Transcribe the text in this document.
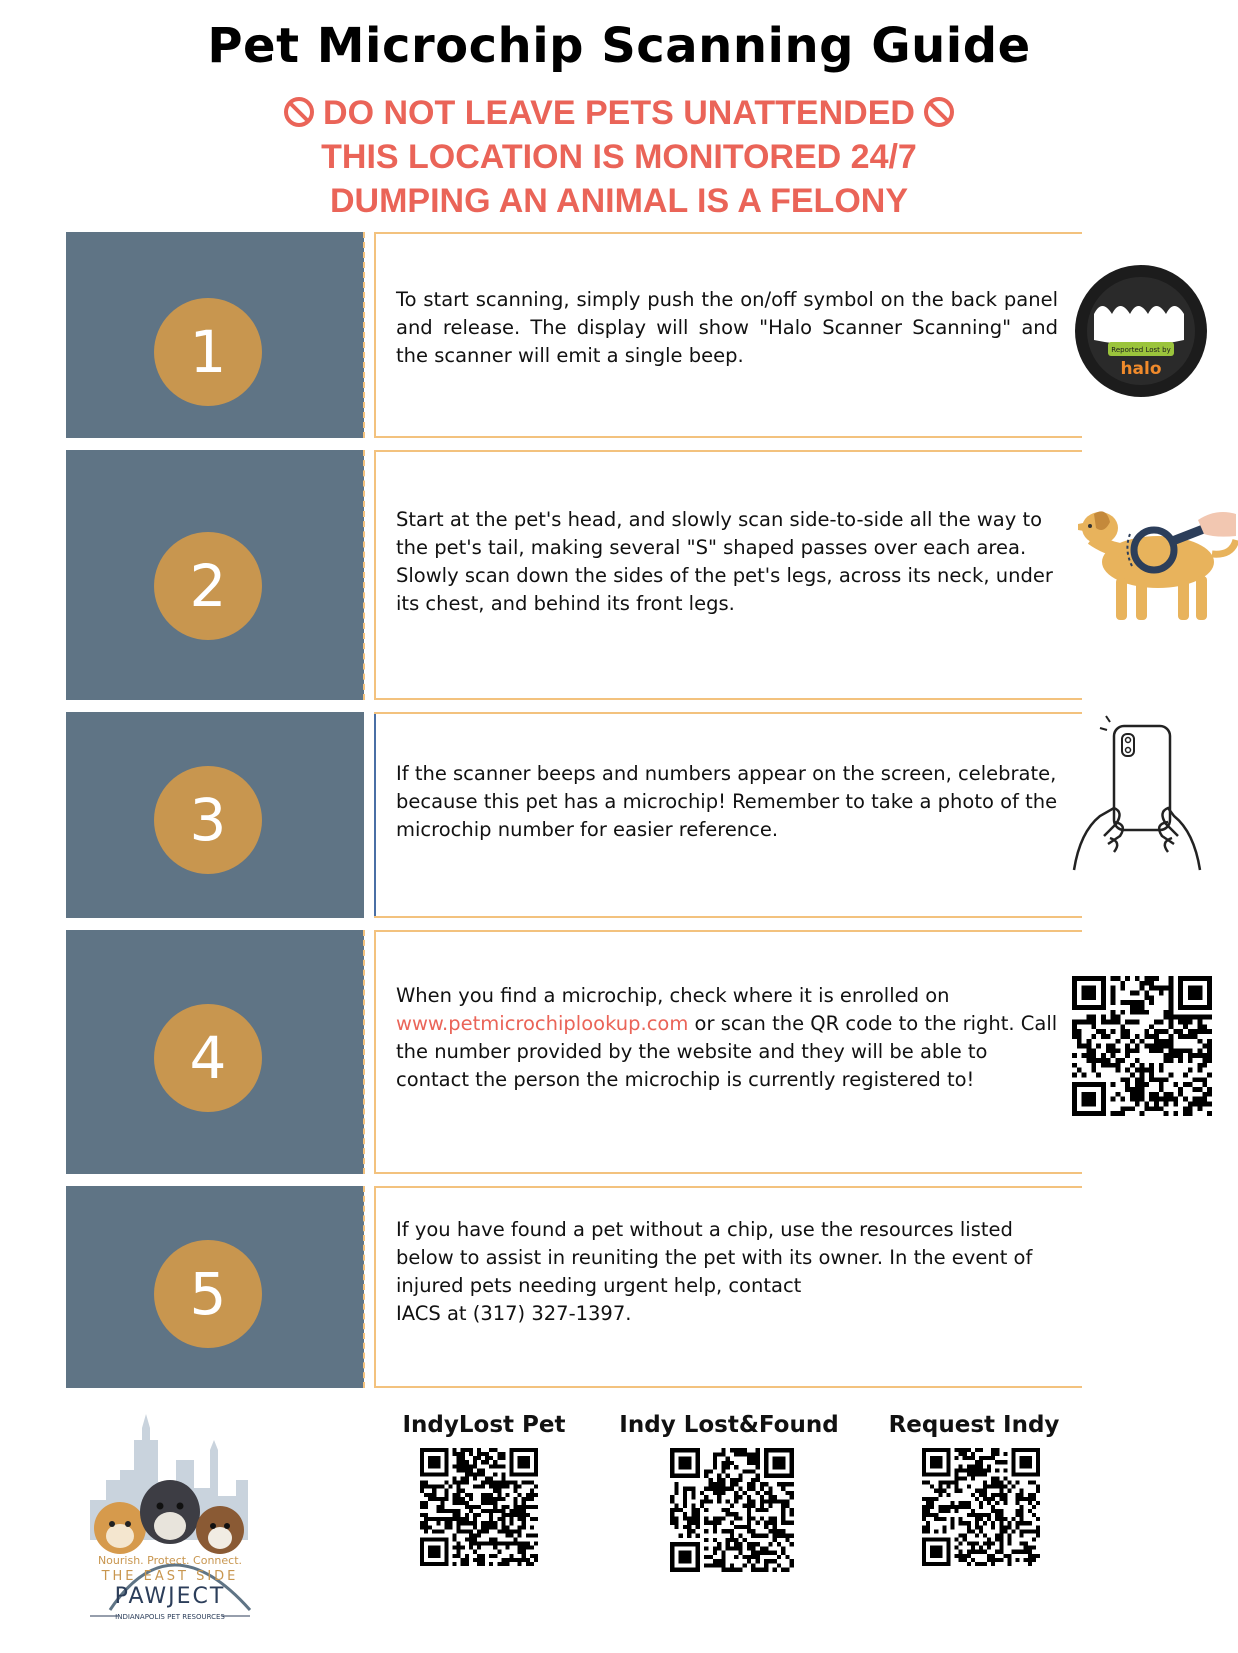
Pet Microchip Scanning Guide
DO NOT LEAVE PETS UNATTENDED
THIS LOCATION IS MONITORED 24/7
DUMPING AN ANIMAL IS A FELONY
1
To start scanning, simply push the on/off symbol on the back panel and release. The display will show "Halo Scanner Scanning" and the scanner will emit a single beep.	Reported Lost by
halo
2
Start at the pet's head, and slowly scan side-to-side all the way to the pet's tail, making several "S" shaped passes over each area.
Slowly scan down the sides of the pet's legs, across its neck, under its chest, and behind its front legs.
3
If the scanner beeps and numbers appear on the screen, celebrate, because this pet has a microchip! Remember to take a photo of the microchip number for easier reference.
4
When you find a microchip, check where it is enrolled on www.petmicrochiplookup.com or scan the QR code to the right. Call the number provided by the website and they will be able to contact the person the microchip is currently registered to!
5
If you have found a pet without a chip, use the resources listed below to assist in reuniting the pet with its owner. In the event of injured pets needing urgent help, contact
IACS at (317) 327-1397.
IndyLost Pet	Indy Lost&Found	Request Indy
Nourish. Protect. Connect.
THE EAST SIDE
PAWJECT
INDIANAPOLIS PET RESOURCES
